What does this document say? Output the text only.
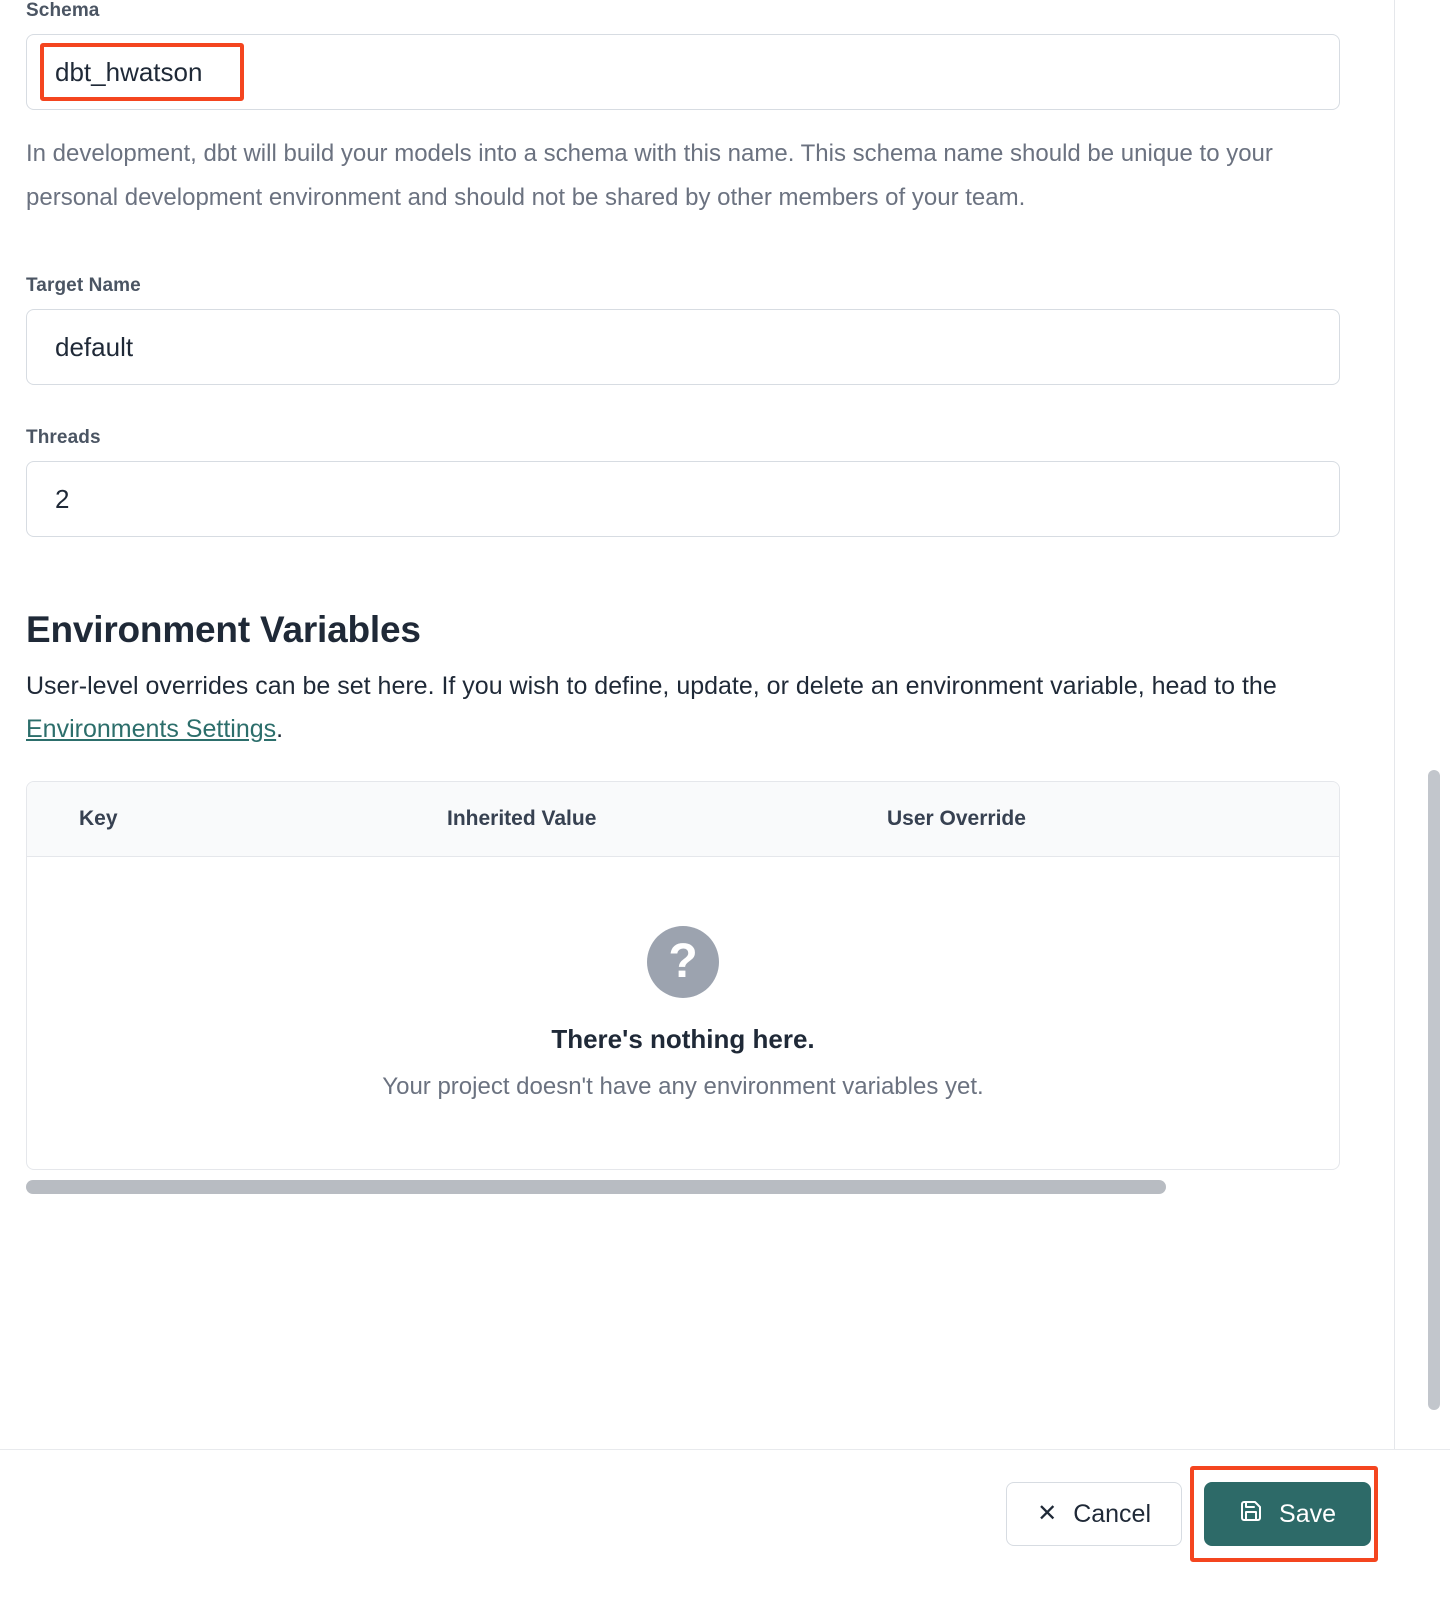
Schema
dbt_hwatson
In development, dbt will build your models into a schema with this name. This schema name should be unique to your personal development environment and should not be shared by other members of your team.
Target Name
default
Threads
2
Environment Variables
User-level overrides can be set here. If you wish to define, update, or delete an environment variable, head to the Environments Settings.
Key	Inherited Value	User Override
?
There's nothing here.
Your project doesn't have any environment variables yet.
✕ Cancel	Save
